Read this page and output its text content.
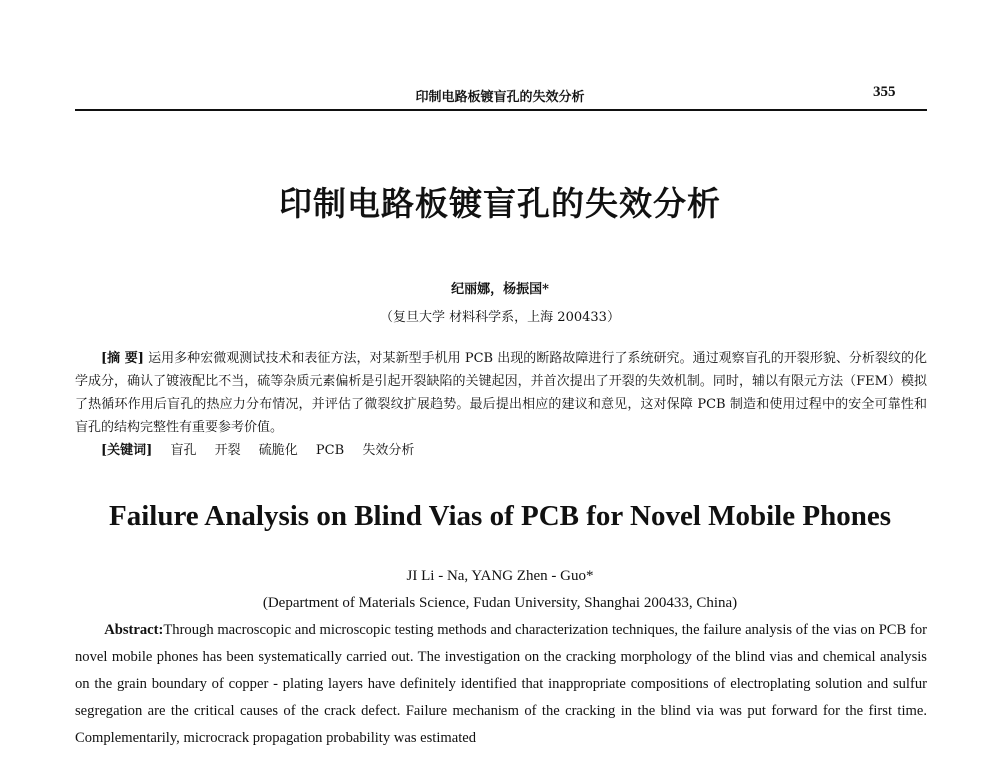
印制电路板镀盲孔的失效分析	355
印制电路板镀盲孔的失效分析
纪丽娜，杨振国*
（复旦大学 材料科学系，上海 200433）
[摘 要] 运用多种宏微观测试技术和表征方法，对某新型手机用 PCB 出现的断路故障进行了系统研究。通过观察盲孔的开裂形貌、分析裂纹的化学成分，确认了镀液配比不当，硫等杂质元素偏析是引起开裂缺陷的关键起因，并首次提出了开裂的失效机制。同时，辅以有限元方法（FEM）模拟了热循环作用后盲孔的热应力分布情况，并评估了微裂纹扩展趋势。最后提出相应的建议和意见，这对保障 PCB 制造和使用过程中的安全可靠性和盲孔的结构完整性有重要参考价值。
[关键词] 盲孔 开裂 硫脆化 PCB 失效分析
Failure Analysis on Blind Vias of PCB for Novel Mobile Phones
JI Li - Na, YANG Zhen - Guo*
(Department of Materials Science, Fudan University, Shanghai 200433, China)
Abstract:Through macroscopic and microscopic testing methods and characterization techniques, the failure analysis of the vias on PCB for novel mobile phones has been systematically carried out. The investigation on the cracking morphology of the blind vias and chemical analysis on the grain boundary of copper - plating layers have definitely identified that inappropriate compositions of electroplating solution and sulfur segregation are the critical causes of the crack defect. Failure mechanism of the cracking in the blind via was put forward for the first time. Complementarily, microcrack propagation probability was estimated
